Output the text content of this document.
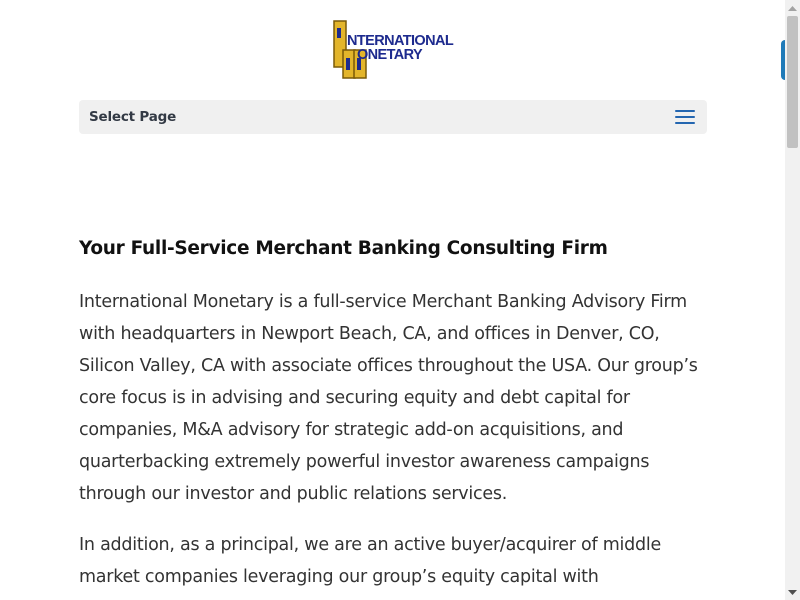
NTERNATIONAL
ONETARY
Select Page
Your Full-Service Merchant Banking Consulting Firm

International Monetary is a full-service Merchant Banking Advisory Firm with headquarters in Newport Beach, CA, and offices in Denver, CO, Silicon Valley, CA with associate offices throughout the USA. Our group’s core focus is in advising and securing equity and debt capital for companies, M&A advisory for strategic add-on acquisitions, and quarterbacking extremely powerful investor awareness campaigns through our investor and public relations services.

In addition, as a principal, we are an active buyer/acquirer of middle market companies leveraging our group’s equity capital with
